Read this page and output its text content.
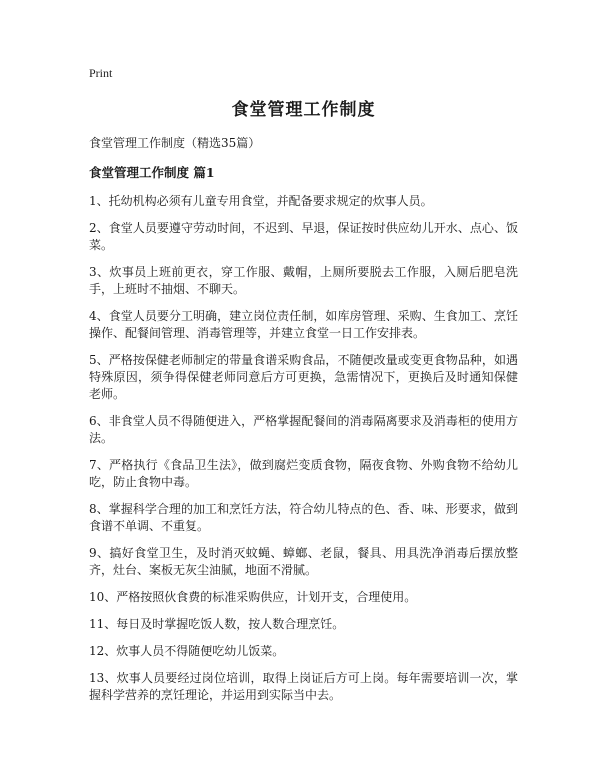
Print
食堂管理工作制度

食堂管理工作制度（精选35篇）

食堂管理工作制度 篇1

1、托幼机构必须有儿童专用食堂，并配备要求规定的炊事人员。

2、食堂人员要遵守劳动时间，不迟到、早退，保证按时供应幼儿开水、点心、饭菜。

3、炊事员上班前更衣，穿工作服、戴帽，上厕所要脱去工作服，入厕后肥皂洗手，上班时不抽烟、不聊天。

4、食堂人员要分工明确，建立岗位责任制，如库房管理、采购、生食加工、烹饪操作、配餐间管理、消毒管理等，并建立食堂一日工作安排表。

5、严格按保健老师制定的带量食谱采购食品，不随便改量或变更食物品种，如遇特殊原因，须争得保健老师同意后方可更换，急需情况下，更换后及时通知保健老师。

6、非食堂人员不得随便进入，严格掌握配餐间的消毒隔离要求及消毒柜的使用方法。

7、严格执行《食品卫生法》，做到腐烂变质食物，隔夜食物、外购食物不给幼儿吃，防止食物中毒。

8、掌握科学合理的加工和烹饪方法，符合幼儿特点的色、香、味、形要求，做到食谱不单调、不重复。

9、搞好食堂卫生，及时消灭蚊蝇、蟑螂、老鼠，餐具、用具洗净消毒后摆放整齐，灶台、案板无灰尘油腻，地面不滑腻。

10、严格按照伙食费的标准采购供应，计划开支，合理使用。

11、每日及时掌握吃饭人数，按人数合理烹饪。

12、炊事人员不得随便吃幼儿饭菜。

13、炊事人员要经过岗位培训，取得上岗证后方可上岗。每年需要培训一次，掌握科学营养的烹饪理论，并运用到实际当中去。
